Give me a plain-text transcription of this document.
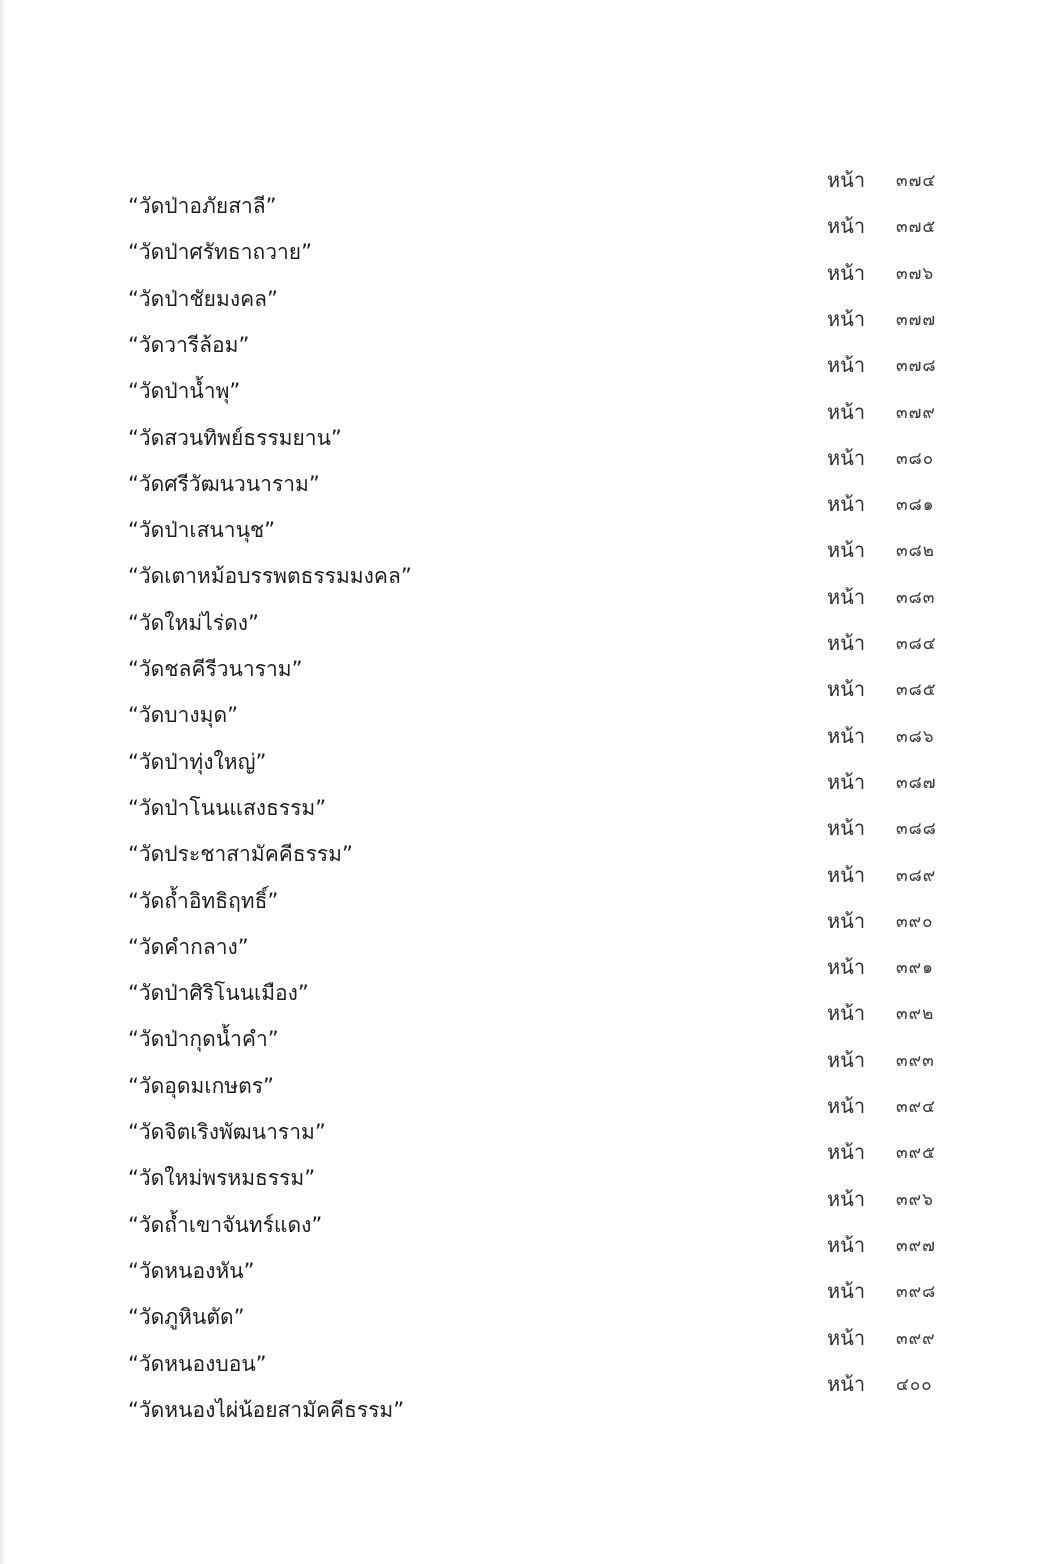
“วัดป่าอภัยสาลี”
หน้า ๓๗๔
“วัดป่าศรัทธาถวาย”
หน้า ๓๗๕
“วัดป่าชัยมงคล”
หน้า ๓๗๖
“วัดวารีล้อม”
หน้า ๓๗๗
“วัดป่าน้ำพุ”
หน้า ๓๗๘
“วัดสวนทิพย์ธรรมยาน”
หน้า ๓๗๙
“วัดศรีวัฒนวนาราม”
หน้า ๓๘๐
“วัดป่าเสนานุช”
หน้า ๓๘๑
“วัดเตาหม้อบรรพตธรรมมงคล”
หน้า ๓๘๒
“วัดใหม่ไร่ดง”
หน้า ๓๘๓
“วัดชลคีรีวนาราม”
หน้า ๓๘๔
“วัดบางมุด”
หน้า ๓๘๕
“วัดป่าทุ่งใหญ่”
หน้า ๓๘๖
“วัดป่าโนนแสงธรรม”
หน้า ๓๘๗
“วัดประชาสามัคคีธรรม”
หน้า ๓๘๘
“วัดถ้ำอิทธิฤทธิ์”
หน้า ๓๘๙
“วัดคำกลาง”
หน้า ๓๙๐
“วัดป่าศิริโนนเมือง”
หน้า ๓๙๑
“วัดป่ากุดน้ำคำ”
หน้า ๓๙๒
“วัดอุดมเกษตร”
หน้า ๓๙๓
“วัดจิตเริงพัฒนาราม”
หน้า ๓๙๔
“วัดใหม่พรหมธรรม”
หน้า ๓๙๕
“วัดถ้ำเขาจันทร์แดง”
หน้า ๓๙๖
“วัดหนองหัน”
หน้า ๓๙๗
“วัดภูหินตัด”
หน้า ๓๙๘
“วัดหนองบอน”
หน้า ๓๙๙
“วัดหนองไผ่น้อยสามัคคีธรรม”
หน้า ๔๐๐
